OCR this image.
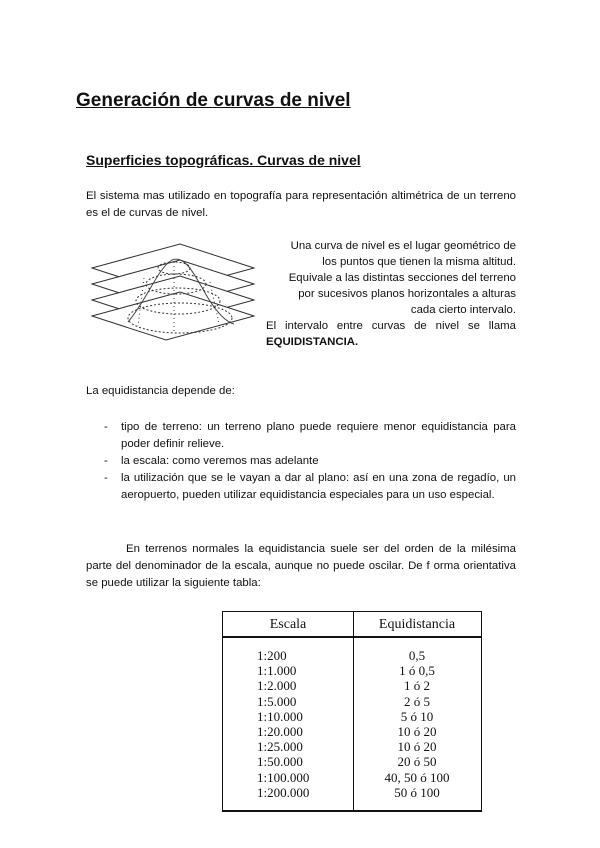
Generación de curvas de nivel
Superficies topográficas. Curvas de nivel

El sistema mas utilizado en topografía para representación altimétrica de un terreno es el de curvas de nivel.

Una curva de nivel es el lugar geométrico de
los puntos que tienen la misma altitud.
Equivale a las distintas secciones del terreno
por sucesivos planos horizontales a alturas
cada cierto intervalo.

El intervalo entre curvas de nivel se llama EQUIDISTANCIA.

La equidistancia depende de:

- tipo de terreno: un terreno plano puede requiere menor equidistancia para poder definir relieve.
- la escala: como veremos mas adelante
- la utilización que se le vayan a dar al plano: así en una zona de regadío, un aeropuerto, pueden utilizar equidistancia especiales para un uso especial.

En terrenos normales la equidistancia suele ser del orden de la milésima parte del denominador de la escala, aunque no puede oscilar. De f orma orientativa se puede utilizar la siguiente tabla:

Escala	Equidistancia
1:200	0,5
1:1.000	1 ó 0,5
1:2.000	1 ó 2
1:5.000	2 ó 5
1:10.000	5 ó 10
1:20.000	10 ó 20
1:25.000	10 ó 20
1:50.000	20 ó 50
1:100.000	40, 50 ó 100
1:200.000	50 ó 100
